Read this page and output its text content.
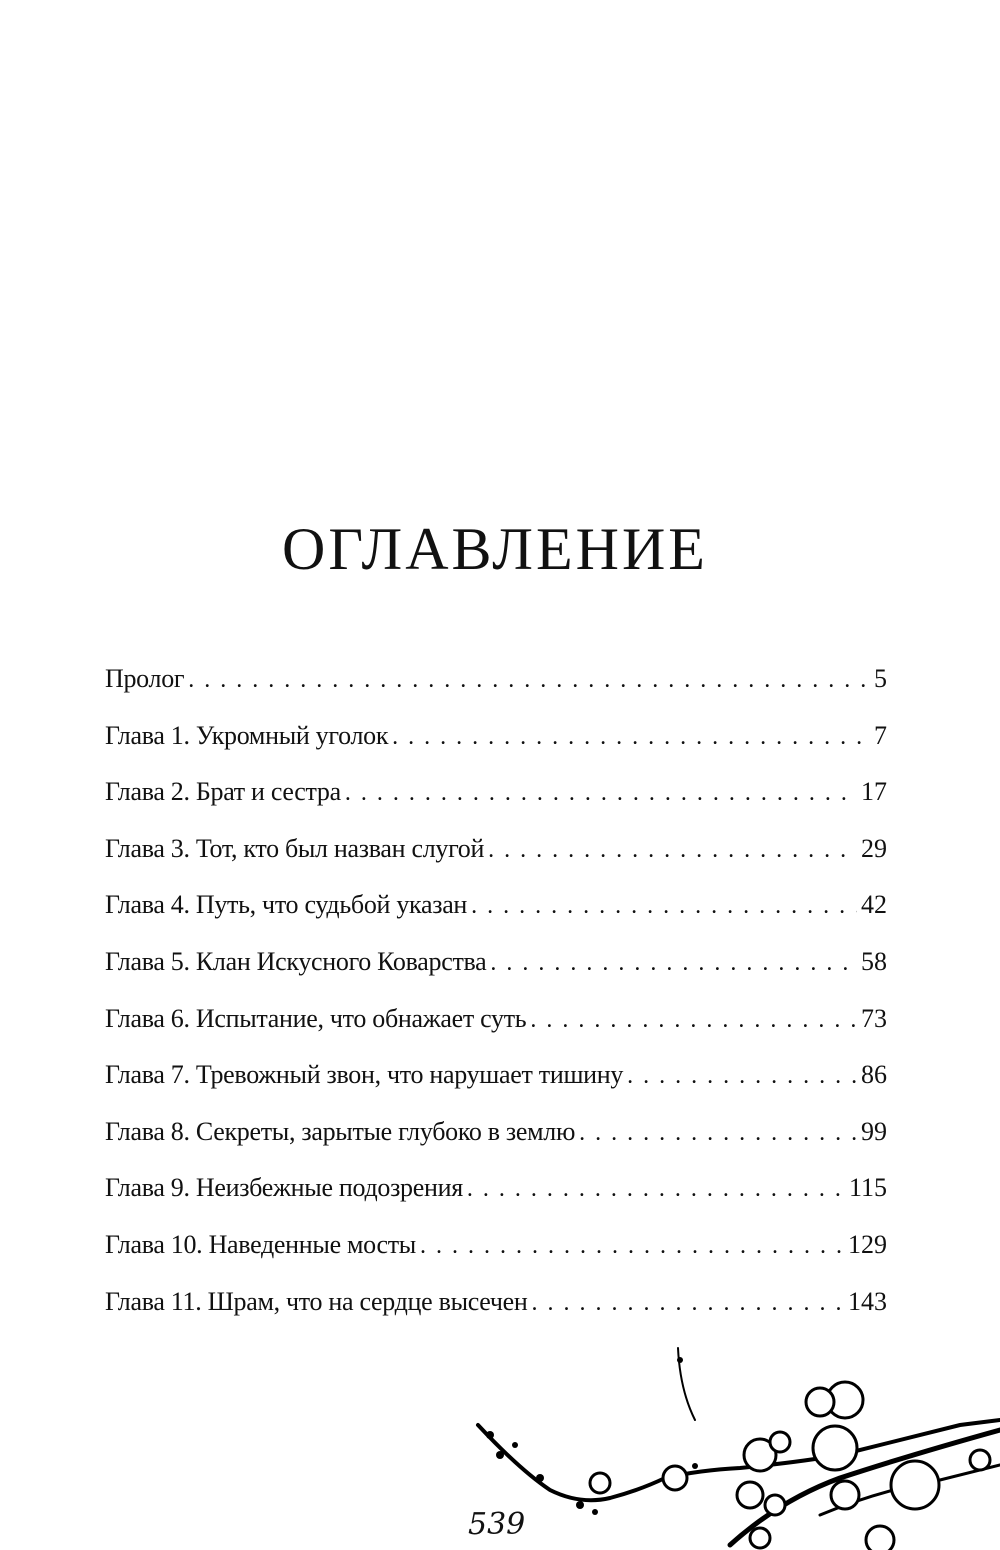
ОГЛАВЛЕНИЕ
Пролог . . .	5
Глава 1. Укромный уголок . . .	7
Глава 2. Брат и сестра . . .	17
Глава 3. Тот, кто был назван слугой . . .	29
Глава 4. Путь, что судьбой указан . . .	42
Глава 5. Клан Искусного Коварства . . .	58
Глава 6. Испытание, что обнажает суть . . .	73
Глава 7. Тревожный звон, что нарушает тишину . . .	86
Глава 8. Секреты, зарытые глубоко в землю . . .	99
Глава 9. Неизбежные подозрения . . .	115
Глава 10. Наведенные мосты . . .	129
Глава 11. Шрам, что на сердце высечен . . .	143
539
